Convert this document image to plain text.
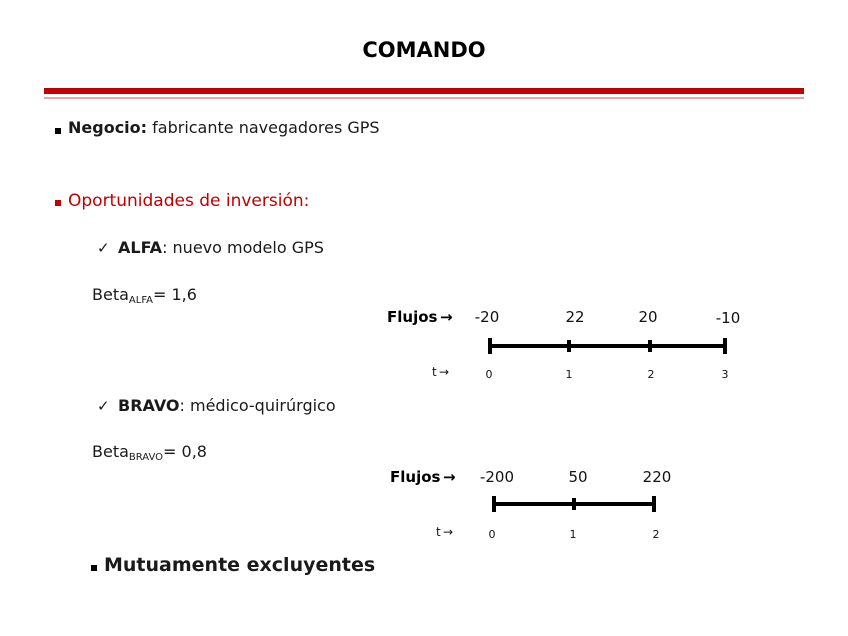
COMANDO
Negocio: fabricante navegadores GPS
Oportunidades de inversión:
✓ ALFA: nuevo modelo GPS
Beta$_{ALFA}$= 1,6
Flujos → -20	22	20	-10
t →	0	1	2	3
✓ BRAVO: médico-quirúrgico
Beta$_{BRAVO}$= 0,8
Flujos → -200	50	220
t →	0	1	2
Mutuamente excluyentes
